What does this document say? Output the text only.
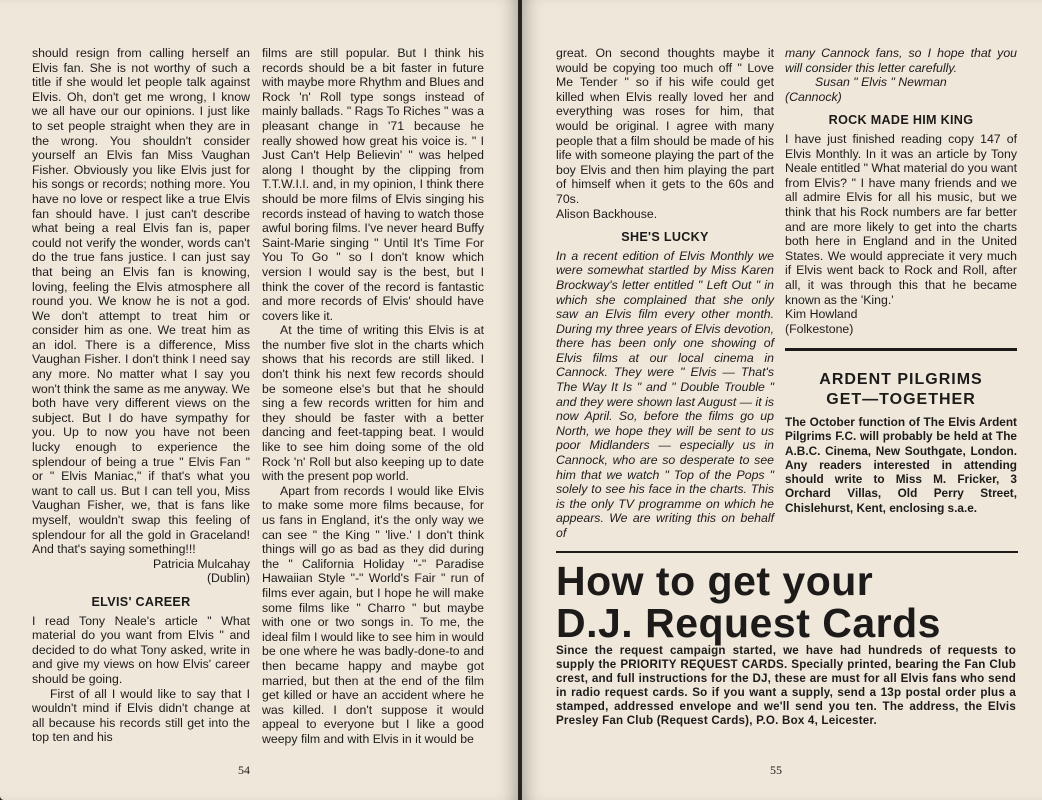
should resign from calling herself an Elvis fan. She is not worthy of such a title if she would let people talk against Elvis. Oh, don't get me wrong, I know we all have our our opinions. I just like to set people straight when they are in the wrong. You shouldn't consider yourself an Elvis fan Miss Vaughan Fisher. Obviously you like Elvis just for his songs or records; nothing more. You have no love or respect like a true Elvis fan should have. I just can't describe what being a real Elvis fan is, paper could not verify the wonder, words can't do the true fans justice. I can just say that being an Elvis fan is knowing, loving, feeling the Elvis atmosphere all round you. We know he is not a god. We don't attempt to treat him or consider him as one. We treat him as an idol. There is a difference, Miss Vaughan Fisher. I don't think I need say any more. No matter what I say you won't think the same as me anyway. We both have very different views on the subject. But I do have sympathy for you. Up to now you have not been lucky enough to experience the splendour of being a true " Elvis Fan " or " Elvis Maniac," if that's what you want to call us. But I can tell you, Miss Vaughan Fisher, we, that is fans like myself, wouldn't swap this feeling of splendour for all the gold in Graceland! And that's saying something!!!

Patricia Mulcahay

(Dublin)

ELVIS' CAREER

I read Tony Neale's article " What material do you want from Elvis " and decided to do what Tony asked, write in and give my views on how Elvis' career should be going.

First of all I would like to say that I wouldn't mind if Elvis didn't change at all because his records still get into the top ten and his

films are still popular. But I think his records should be a bit faster in future with maybe more Rhythm and Blues and Rock 'n' Roll type songs instead of mainly ballads. " Rags To Riches " was a pleasant change in '71 because he really showed how great his voice is. " I Just Can't Help Believin' " was helped along I thought by the clipping from T.T.W.I.I. and, in my opinion, I think there should be more films of Elvis singing his records instead of having to watch those awful boring films. I've never heard Buffy Saint-Marie singing " Until It's Time For You To Go " so I don't know which version I would say is the best, but I think the cover of the record is fantastic and more records of Elvis' should have covers like it.

At the time of writing this Elvis is at the number five slot in the charts which shows that his records are still liked. I don't think his next few records should be someone else's but that he should sing a few records written for him and they should be faster with a better dancing and feet-tapping beat. I would like to see him doing some of the old Rock 'n' Roll but also keeping up to date with the present pop world.

Apart from records I would like Elvis to make some more films because, for us fans in England, it's the only way we can see " the King " 'live.' I don't think things will go as bad as they did during the " California Holiday "-" Paradise Hawaiian Style "-" World's Fair " run of films ever again, but I hope he will make some films like " Charro " but maybe with one or two songs in. To me, the ideal film I would like to see him in would be one where he was badly-done-to and then became happy and maybe got married, but then at the end of the film get killed or have an accident where he was killed. I don't suppose it would appeal to everyone but I like a good weepy film and with Elvis in it would be

54

great. On second thoughts maybe it would be copying too much off " Love Me Tender " so if his wife could get killed when Elvis really loved her and everything was roses for him, that would be original. I agree with many people that a film should be made of his life with someone playing the part of the boy Elvis and then him playing the part of himself when it gets to the 60s and 70s.

Alison Backhouse.

SHE'S LUCKY

In a recent edition of Elvis Monthly we were somewhat startled by Miss Karen Brockway's letter entitled " Left Out " in which she complained that she only saw an Elvis film every other month. During my three years of Elvis devotion, there has been only one showing of Elvis films at our local cinema in Cannock. They were " Elvis — That's The Way It Is " and " Double Trouble " and they were shown last August — it is now April. So, before the films go up North, we hope they will be sent to us poor Midlanders — especially us in Cannock, who are so desperate to see him that we watch " Top of the Pops " solely to see his face in the charts. This is the only TV programme on which he appears. We are writing this on behalf of

many Cannock fans, so I hope that you will consider this letter carefully.

Susan " Elvis " Newman

(Cannock)

ROCK MADE HIM KING

I have just finished reading copy 147 of Elvis Monthly. In it was an article by Tony Neale entitled " What material do you want from Elvis? " I have many friends and we all admire Elvis for all his music, but we think that his Rock numbers are far better and are more likely to get into the charts both here in England and in the United States. We would appreciate it very much if Elvis went back to Rock and Roll, after all, it was through this that he became known as the 'King.'

Kim Howland

(Folkestone)

ARDENT PILGRIMS
GET—TOGETHER
The October function of The Elvis Ardent Pilgrims F.C. will probably be held at The A.B.C. Cinema, New Southgate, London. Any readers interested in attending should write to Miss M. Fricker, 3 Orchard Villas, Old Perry Street, Chislehurst, Kent, enclosing s.a.e.

How to get your
D.J. Request Cards
Since the request campaign started, we have had hundreds of requests to supply the PRIORITY REQUEST CARDS. Specially printed, bearing the Fan Club crest, and full instructions for the DJ, these are must for all Elvis fans who send in radio request cards. So if you want a supply, send a 13p postal order plus a stamped, addressed envelope and we'll send you ten. The address, the Elvis Presley Fan Club (Request Cards), P.O. Box 4, Leicester.
55
